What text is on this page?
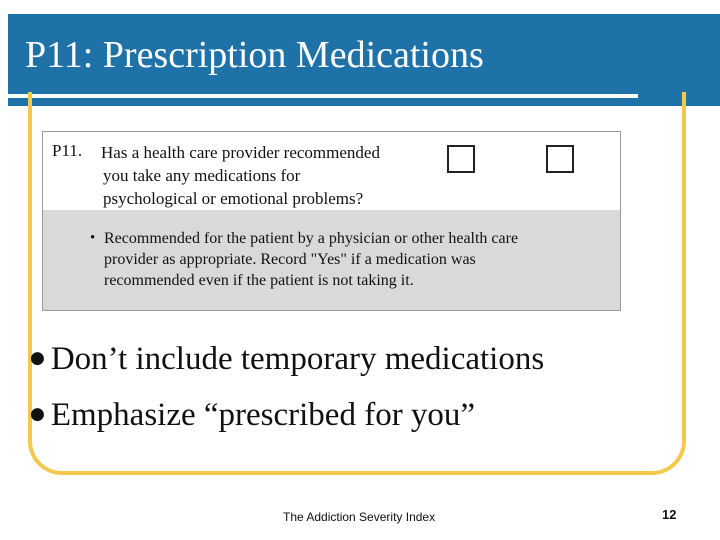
P11: Prescription Medications
P11. Has a health care provider recommended
you take any medications for
psychological or emotional problems?
• Recommended for the patient by a physician or other health care
provider as appropriate. Record "Yes" if a medication was
recommended even if the patient is not taking it.
● Don’t include temporary medications
● Emphasize “prescribed for you”
The Addiction Severity Index	12
